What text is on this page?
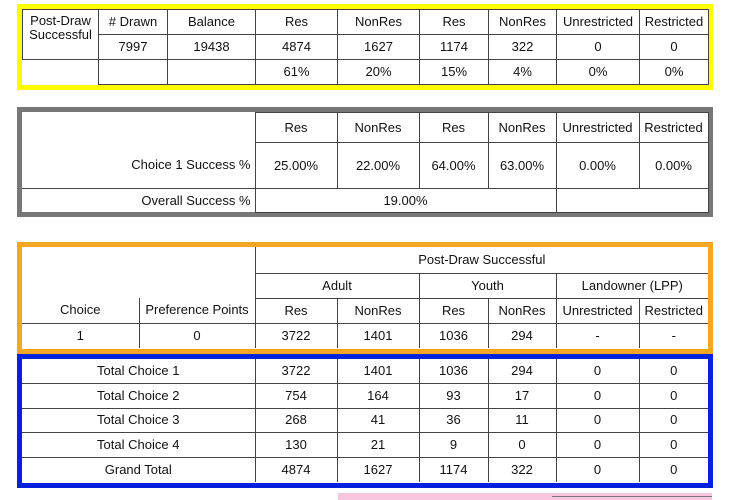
Post-Draw
Successful	# Drawn	Balance	Res	NonRes	Res	NonRes	Unrestricted	Restricted
	7997	19438	4874	1627	1174	322	0	0
			61%	20%	15%	4%	0%	0%
	Res	NonRes	Res	NonRes	Unrestricted	Restricted
Choice 1 Success %	25.00%	22.00%	64.00%	63.00%	0.00%	0.00%
Overall Success %	19.00%					
		Post-Draw Successful					
		Adult		Youth		Landowner (LPP)	
Choice	Preference Points	Res	NonRes	Res	NonRes	Unrestricted	Restricted
1	0	3722	1401	1036	294	-	-
Total Choice 1	3722	1401	1036	294	0	0
Total Choice 2	754	164	93	17	0	0
Total Choice 3	268	41	36	11	0	0
Total Choice 4	130	21	9	0	0	0
Grand Total	4874	1627	1174	322	0	0
